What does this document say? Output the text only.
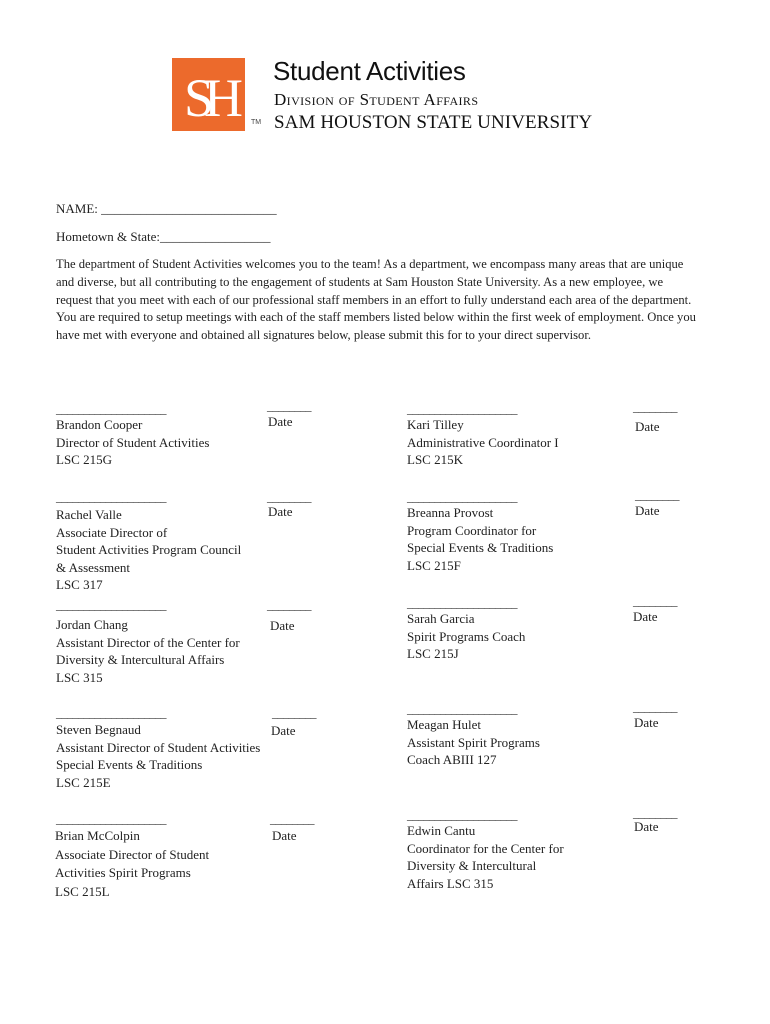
SH	TM
Student Activities
Division of Student Affairs
SAM HOUSTON STATE UNIVERSITY
NAME: ___________________________
Hometown & State:_________________

The department of Student Activities welcomes you to the team! As a department, we encompass many areas that are unique and diverse, but all contributing to the engagement of students at Sam Houston State University. As a new employee, we request that you meet with each of our professional staff members in an effort to fully understand each area of the department. You are required to setup meetings with each of the staff members listed below within the first week of employment. Once you have met with everyone and obtained all signatures below, please submit this for to your direct supervisor.

____________________	________
Date
Brandon Cooper
Director of Student Activities
LSC 215G
____________________	________
Date
Rachel Valle
Associate Director of
Student Activities Program Council
& Assessment
LSC 317
____________________	________
Date
Jordan Chang
Assistant Director of the Center for
Diversity & Intercultural Affairs
LSC 315
____________________	________
Date
Steven Begnaud
Assistant Director of Student Activities
Special Events & Traditions
LSC 215E
____________________	________
Date
Brian McColpin
Associate Director of Student
Activities Spirit Programs
LSC 215L
____________________	________
Date
Kari Tilley
Administrative Coordinator I
LSC 215K
____________________	________
Date
Breanna Provost
Program Coordinator for
Special Events & Traditions
LSC 215F
____________________	________
Date
Sarah Garcia
Spirit Programs Coach
LSC 215J
____________________	________
Date
Meagan Hulet
Assistant Spirit Programs
Coach ABIII 127
____________________	________
Date
Edwin Cantu
Coordinator for the Center for
Diversity & Intercultural
Affairs LSC 315
